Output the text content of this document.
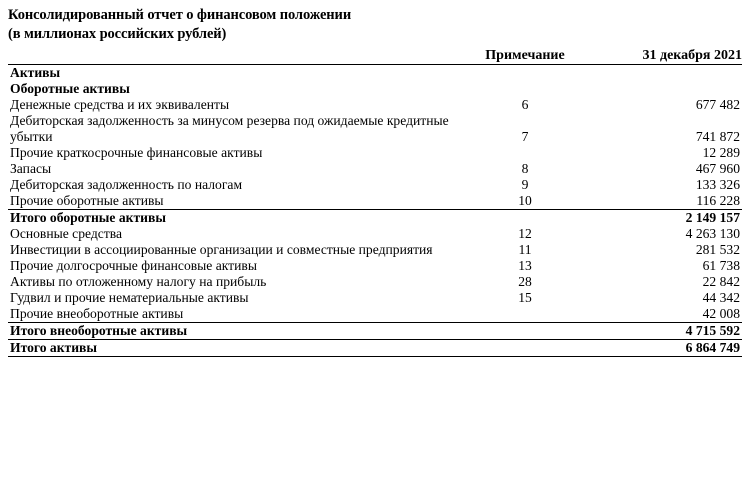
Консолидированный отчет о финансовом положении
(в миллионах российских рублей)
	Примечание	31 декабря 2021
Активы		
Оборотные активы		
Денежные средства и их эквиваленты	6	677 482
Дебиторская задолженность за минусом резерва под ожидаемые кредитные убытки	7	741 872
Прочие краткосрочные финансовые активы		12 289
Запасы	8	467 960
Дебиторская задолженность по налогам	9	133 326
Прочие оборотные активы	10	116 228
Итого оборотные активы		2 149 157
Основные средства	12	4 263 130
Инвестиции в ассоциированные организации и совместные предприятия	11	281 532
Прочие долгосрочные финансовые активы	13	61 738
Активы по отложенному налогу на прибыль	28	22 842
Гудвил и прочие нематериальные активы	15	44 342
Прочие внеоборотные активы		42 008
Итого внеоборотные активы		4 715 592
Итого активы		6 864 749
